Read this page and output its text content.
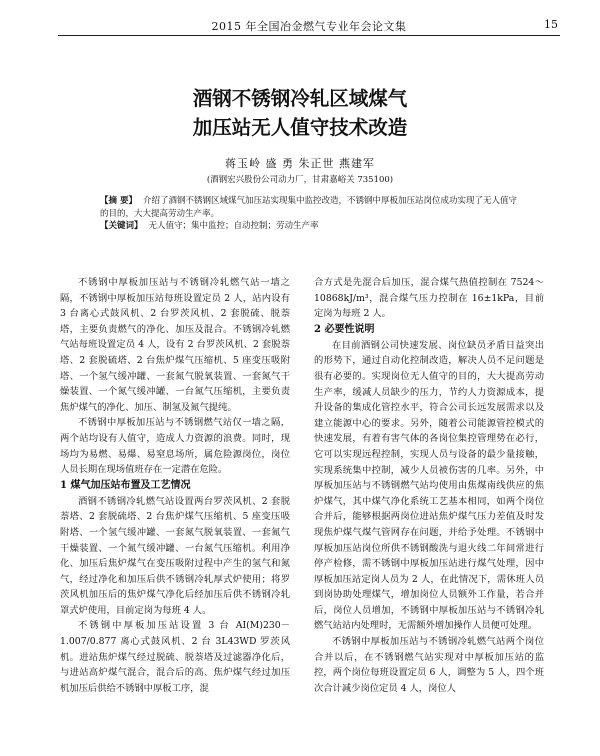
2015 年全国冶金燃气专业年会论文集	15
酒钢不锈钢冷轧区域煤气
加压站无人值守技术改造
蒋玉岭 盛 勇 朱正世 燕建军
(酒钢宏兴股份公司动力厂，甘肃嘉峪关 735100)

【摘 要】 介绍了酒钢不锈钢区域煤气加压站实现集中监控改造，不锈钢中厚板加压站岗位成功实现了无人值守的目的，大大提高劳动生产率。

【关键词】 无人值守；集中监控；自动控制；劳动生产率

不锈钢中厚板加压站与不锈钢冷轧燃气站一墙之隔，不锈钢中厚板加压站每班设置定员 2 人，站内设有 3 台离心式鼓风机、2 台罗茨风机、2 套脱硫、脱萘塔，主要负责燃气的净化、加压及混合。不锈钢冷轧燃气站每班设置定员 4 人，设有 2 台罗茨风机、2 套脱萘塔、2 套脱硫塔、2 台焦炉煤气压缩机、5 座变压吸附塔、一个氢气缓冲罐、一套氮气脱氧装置、一套氮气干燥装置、一个氮气缓冲罐、一台氮气压缩机，主要负责焦炉煤气的净化、加压、制氢及氮气提纯。

不锈钢中厚板加压站与不锈钢燃气站仅一墙之隔，两个站均设有人值守，造成人力资源的浪费。同时，现场均为易燃、易爆、易窒息场所，属危险源岗位，岗位人员长期在现场值班存在一定潜在危险。

1 煤气加压站布置及工艺情况

酒钢不锈钢冷轧燃气站设置两台罗茨风机、2 套脱萘塔、2 套脱硫塔、2 台焦炉煤气压缩机、5 座变压吸附塔、一个氢气缓冲罐、一套氮气脱氧装置、一套氮气干燥装置、一个氮气缓冲罐、一台氮气压缩机。利用净化、加压后焦炉煤气在变压吸附过程中产生的氢气和氮气，经过净化和加压后供不锈钢冷轧厚式炉使用；将罗茨风机加压后的焦炉煤气净化后经加压后供不锈钢冷轧罩式炉使用，目前定岗为每班 4 人。

不锈钢中厚板加压站设置 3 台 AI(M)230－1.007/0.877 离心式鼓风机、2 台 3L43WD 罗茨风机。进站焦炉煤气经过脱硫、脱萘塔及过滤器净化后，与进站高炉煤气混合，混合后的高、焦炉煤气经过加压机加压后供给不锈钢中厚板工序，混

合方式是先混合后加压，混合煤气热值控制在 7524～10868kJ/m³，混合煤气压力控制在 16±1kPa，目前定岗为每班 2 人。

2 必要性说明

在目前酒钢公司快速发展、岗位缺员矛盾日益突出的形势下，通过自动化控制改造，解决人员不足问题是很有必要的。实现岗位无人值守的目的，大大提高劳动生产率，缓减人员缺少的压力，节约人力资源成本，提升设备的集成化管控水平，符合公司长远发展需求以及建立能源中心的要求。另外，随着公司能源管控模式的快速发展，有着有害气体的各岗位集控管理势在必行，它可以实现远程控制，实现人员与设备的最少量接触，实现系统集中控制，减少人员被伤害的几率。另外，中厚板加压站与不锈钢燃气站均使用由焦煤南线供应的焦炉煤气，其中煤气净化系统工艺基本相同，如两个岗位合并后，能够根据两岗位进站焦炉煤气压力差值及时发现焦炉煤气煤气管网存在问题，并给予处理。不锈钢中厚板加压站岗位所供不锈钢酸洗与退火线二年间常进行停产检修，需不锈钢中厚板加压站进行煤气处理，因中厚板加压站定岗人员为 2 人，在此情况下，需休班人员到岗协助处理煤气，增加岗位人员额外工作量，若合并后，岗位人员增加，不锈钢中厚板加压站与不锈钢冷轧燃气站站内处理时，无需额外增加操作人员便可处理。

不锈钢中厚板加压站与不锈钢冷轧燃气站两个岗位合并以后，在不锈钢燃气站实现对中厚板加压站的监控，两个岗位每班设置定员 6 人，调整为 5 人，四个班次合计减少岗位定员 4 人，岗位人
